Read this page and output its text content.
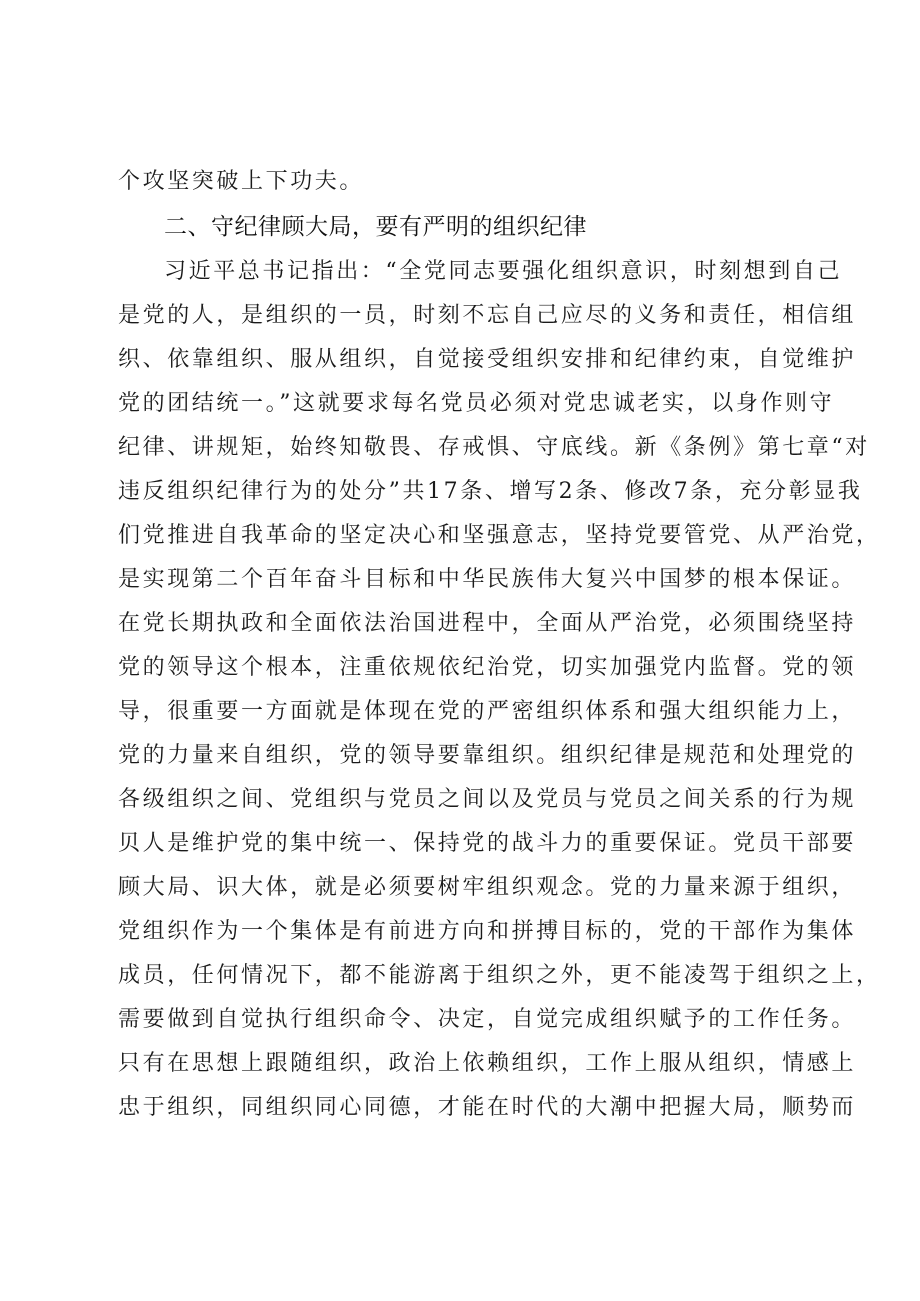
个攻坚突破上下功夫。
二、守纪律顾大局，要有严明的组织纪律
习近平总书记指出：“全党同志要强化组织意识，时刻想到自己
是党的人，是组织的一员，时刻不忘自己应尽的义务和责任，相信组
织、依靠组织、服从组织，自觉接受组织安排和纪律约束，自觉维护
党的团结统一。”这就要求每名党员必须对党忠诚老实，以身作则守
纪律、讲规矩，始终知敬畏、存戒惧、守底线。新《条例》第七章“对
违反组织纪律行为的处分”共17条、增写2条、修改7条，充分彰显我
们党推进自我革命的坚定决心和坚强意志，坚持党要管党、从严治党，
是实现第二个百年奋斗目标和中华民族伟大复兴中国梦的根本保证。
在党长期执政和全面依法治国进程中，全面从严治党，必须围绕坚持
党的领导这个根本，注重依规依纪治党，切实加强党内监督。党的领
导，很重要一方面就是体现在党的严密组织体系和强大组织能力上，
党的力量来自组织，党的领导要靠组织。组织纪律是规范和处理党的
各级组织之间、党组织与党员之间以及党员与党员之间关系的行为规
贝人是维护党的集中统一、保持党的战斗力的重要保证。党员干部要
顾大局、识大体，就是必须要树牢组织观念。党的力量来源于组织，
党组织作为一个集体是有前进方向和拼搏目标的，党的干部作为集体
成员，任何情况下，都不能游离于组织之外，更不能凌驾于组织之上，
需要做到自觉执行组织命令、决定，自觉完成组织赋予的工作任务。
只有在思想上跟随组织，政治上依赖组织，工作上服从组织，情感上
忠于组织，同组织同心同德，才能在时代的大潮中把握大局，顺势而
